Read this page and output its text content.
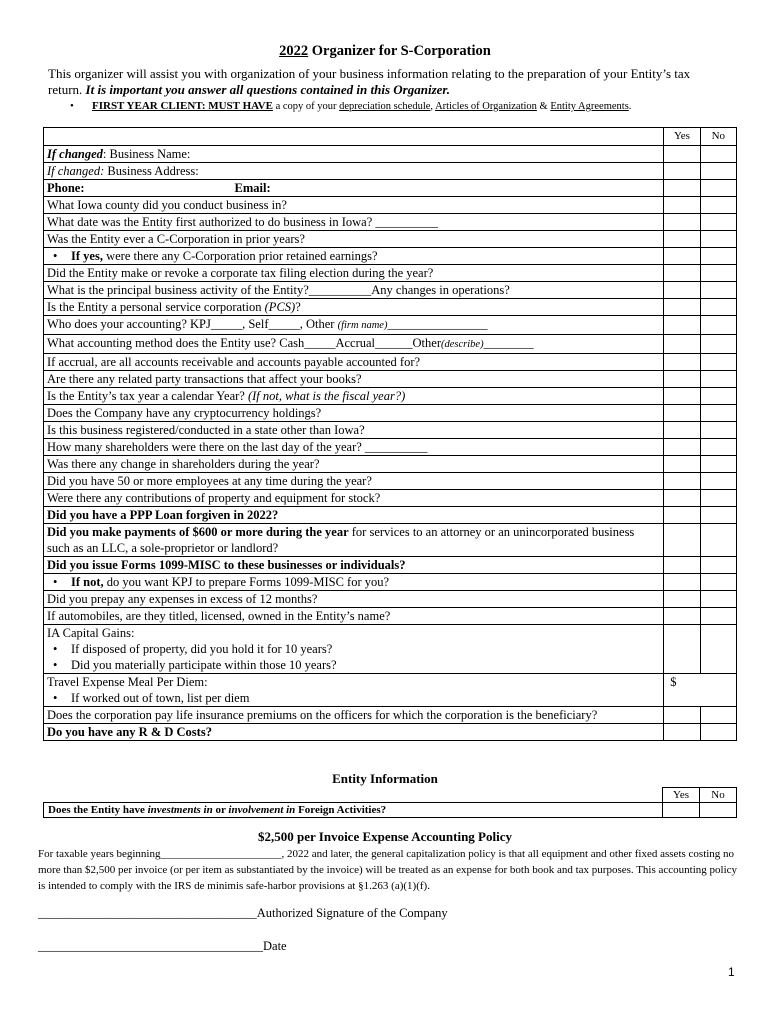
2022 Organizer for S-Corporation
This organizer will assist you with organization of your business information relating to the preparation of your Entity’s tax return. It is important you answer all questions contained in this Organizer.
• FIRST YEAR CLIENT: MUST HAVE a copy of your depreciation schedule, Articles of Organization & Entity Agreements.
	Yes	No
If changed: Business Name:		
If changed: Business Address:		
Phone: Email:		
What Iowa county did you conduct business in?		
What date was the Entity first authorized to do business in Iowa? __________		
Was the Entity ever a C-Corporation in prior years?		
• If yes, were there any C-Corporation prior retained earnings?		
Did the Entity make or revoke a corporate tax filing election during the year?		
What is the principal business activity of the Entity?__________Any changes in operations?		
Is the Entity a personal service corporation (PCS)?		
Who does your accounting? KPJ_____, Self_____, Other (firm name)________________		
What accounting method does the Entity use? Cash_____Accrual______Other(describe)________		
If accrual, are all accounts receivable and accounts payable accounted for?		
Are there any related party transactions that affect your books?		
Is the Entity’s tax year a calendar Year? (If not, what is the fiscal year?)		
Does the Company have any cryptocurrency holdings?		
Is this business registered/conducted in a state other than Iowa?		
How many shareholders were there on the last day of the year? __________		
Was there any change in shareholders during the year?		
Did you have 50 or more employees at any time during the year?		
Were there any contributions of property and equipment for stock?		
Did you have a PPP Loan forgiven in 2022?		
Did you make payments of $600 or more during the year for services to an attorney or an unincorporated business such as an LLC, a sole-proprietor or landlord?		
Did you issue Forms 1099-MISC to these businesses or individuals?		
• If not, do you want KPJ to prepare Forms 1099-MISC for you?		
Did you prepay any expenses in excess of 12 months?		
If automobiles, are they titled, licensed, owned in the Entity’s name?		

IA Capital Gains:
• If disposed of property, did you hold it for 10 years?
• Did you materially participate within those 10 years?

Travel Expense Meal Per Diem:
• If worked out of town, list per diem	$	
Does the corporation pay life insurance premiums on the officers for which the corporation is the beneficiary?		
Do you have any R & D Costs?		
Entity Information
	Yes	No
Does the Entity have investments in or involvement in Foreign Activities?		
$2,500 per Invoice Expense Accounting Policy
For taxable years beginning______________________, 2022 and later, the general capitalization policy is that all equipment and other fixed assets costing no more than $2,500 per invoice (or per item as substantiated by the invoice) will be treated as an expense for both book and tax purposes. This accounting policy is intended to comply with the IRS de minimis safe-harbor provisions at §1.263 (a)(1)(f).
___________________________________Authorized Signature of the Company
____________________________________Date
1
